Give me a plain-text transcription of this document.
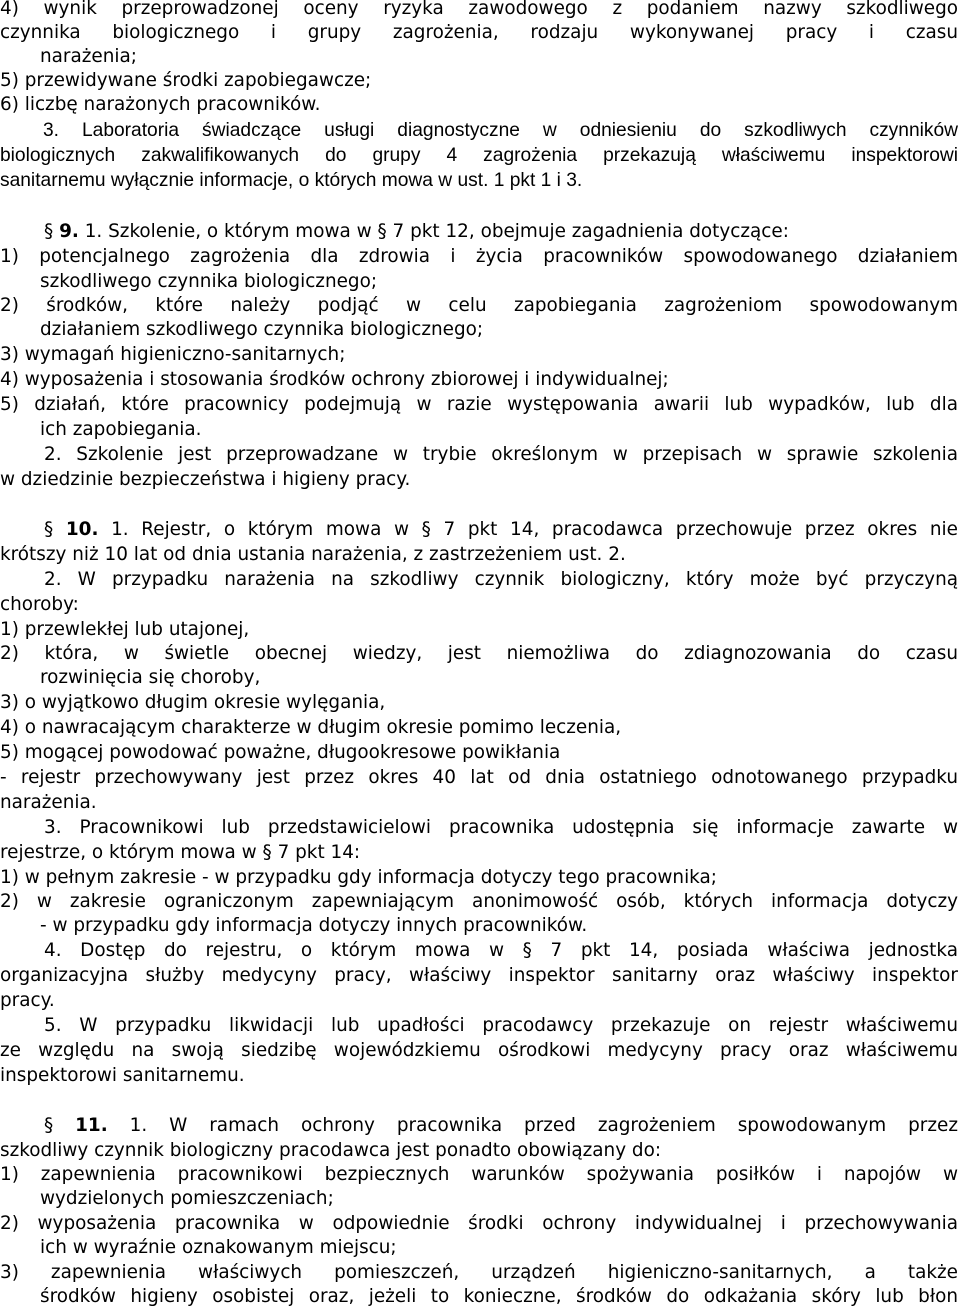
4) wynik przeprowadzonej oceny ryzyka zawodowego z podaniem nazwy szkodliwego
czynnika biologicznego i grupy zagrożenia, rodzaju wykonywanej pracy i czasu
narażenia;
5) przewidywane środki zapobiegawcze;
6) liczbę narażonych pracowników.
3. Laboratoria świadczące usługi diagnostyczne w odniesieniu do szkodliwych czynników
biologicznych zakwalifikowanych do grupy 4 zagrożenia przekazują właściwemu inspektorowi
sanitarnemu wyłącznie informacje, o których mowa w ust. 1 pkt 1 i 3.
§ 9. 1. Szkolenie, o którym mowa w § 7 pkt 12, obejmuje zagadnienia dotyczące:
1) potencjalnego zagrożenia dla zdrowia i życia pracowników spowodowanego działaniem
szkodliwego czynnika biologicznego;
2) środków, które należy podjąć w celu zapobiegania zagrożeniom spowodowanym
działaniem szkodliwego czynnika biologicznego;
3) wymagań higieniczno-sanitarnych;
4) wyposażenia i stosowania środków ochrony zbiorowej i indywidualnej;
5) działań, które pracownicy podejmują w razie występowania awarii lub wypadków, lub dla
ich zapobiegania.
2. Szkolenie jest przeprowadzane w trybie określonym w przepisach w sprawie szkolenia
w dziedzinie bezpieczeństwa i higieny pracy.
§ 10. 1. Rejestr, o którym mowa w § 7 pkt 14, pracodawca przechowuje przez okres nie
krótszy niż 10 lat od dnia ustania narażenia, z zastrzeżeniem ust. 2.
2. W przypadku narażenia na szkodliwy czynnik biologiczny, który może być przyczyną
choroby:
1) przewlekłej lub utajonej,
2) która, w świetle obecnej wiedzy, jest niemożliwa do zdiagnozowania do czasu
rozwinięcia się choroby,
3) o wyjątkowo długim okresie wylęgania,
4) o nawracającym charakterze w długim okresie pomimo leczenia,
5) mogącej powodować poważne, długookresowe powikłania
- rejestr przechowywany jest przez okres 40 lat od dnia ostatniego odnotowanego przypadku
narażenia.
3. Pracownikowi lub przedstawicielowi pracownika udostępnia się informacje zawarte w
rejestrze, o którym mowa w § 7 pkt 14:
1) w pełnym zakresie - w przypadku gdy informacja dotyczy tego pracownika;
2) w zakresie ograniczonym zapewniającym anonimowość osób, których informacja dotyczy
- w przypadku gdy informacja dotyczy innych pracowników.
4. Dostęp do rejestru, o którym mowa w § 7 pkt 14, posiada właściwa jednostka
organizacyjna służby medycyny pracy, właściwy inspektor sanitarny oraz właściwy inspektor
pracy.
5. W przypadku likwidacji lub upadłości pracodawcy przekazuje on rejestr właściwemu
ze względu na swoją siedzibę wojewódzkiemu ośrodkowi medycyny pracy oraz właściwemu
inspektorowi sanitarnemu.
§ 11. 1. W ramach ochrony pracownika przed zagrożeniem spowodowanym przez
szkodliwy czynnik biologiczny pracodawca jest ponadto obowiązany do:
1) zapewnienia pracownikowi bezpiecznych warunków spożywania posiłków i napojów w
wydzielonych pomieszczeniach;
2) wyposażenia pracownika w odpowiednie środki ochrony indywidualnej i przechowywania
ich w wyraźnie oznakowanym miejscu;
3) zapewnienia właściwych pomieszczeń, urządzeń higieniczno-sanitarnych, a także
środków higieny osobistej oraz, jeżeli to konieczne, środków do odkażania skóry lub błon
